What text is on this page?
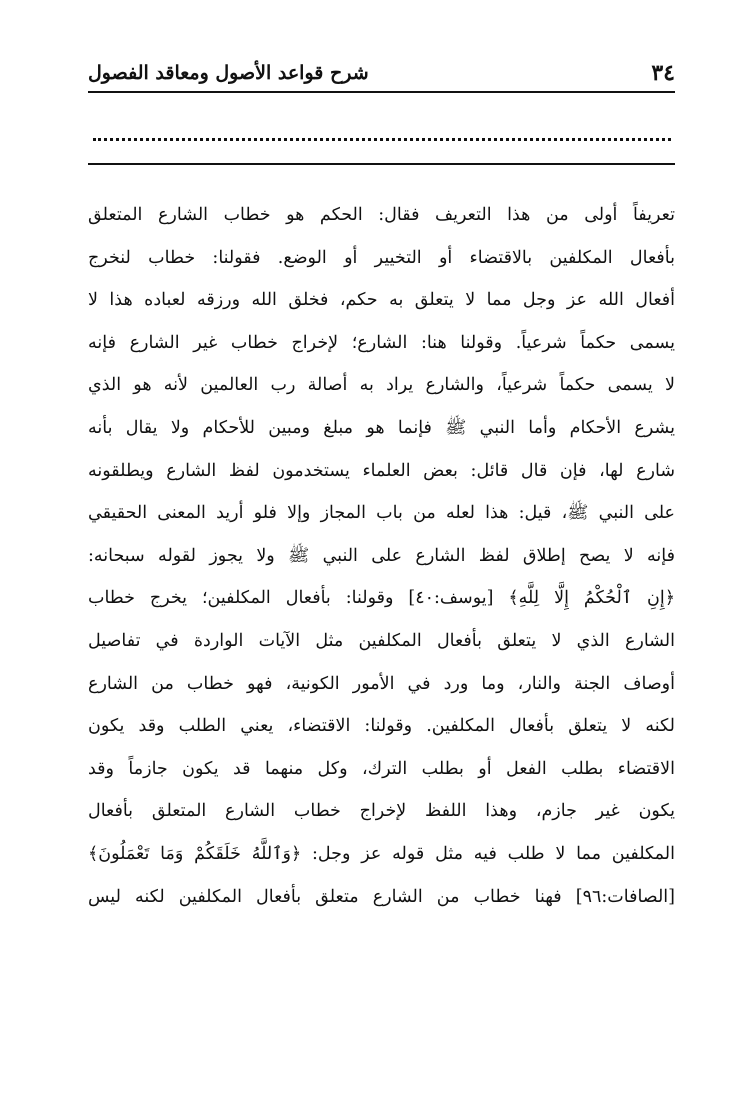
٣٤
شرح قواعد الأصول ومعاقد الفصول
تعريفاً أولى من هذا التعريف فقال: الحكم هو خطاب الشارع المتعلق
بأفعال المكلفين بالاقتضاء أو التخيير أو الوضع. فقولنا: خطاب لنخرج
أفعال الله عز وجل مما لا يتعلق به حكم، فخلق الله ورزقه لعباده هذا لا
يسمى حكماً شرعياً. وقولنا هنا: الشارع؛ لإخراج خطاب غير الشارع فإنه
لا يسمى حكماً شرعياً، والشارع يراد به أصالة رب العالمين لأنه هو الذي
يشرع الأحكام وأما النبي ﷺ فإنما هو مبلغ ومبين للأحكام ولا يقال بأنه
شارع لها، فإن قال قائل: بعض العلماء يستخدمون لفظ الشارع ويطلقونه
على النبي ﷺ، قيل: هذا لعله من باب المجاز وإلا فلو أريد المعنى الحقيقي
فإنه لا يصح إطلاق لفظ الشارع على النبي ﷺ ولا يجوز لقوله سبحانه:
﴿إِنِ ٱلْحُكْمُ إِلَّا لِلَّهِ﴾ [يوسف:٤٠] وقولنا: بأفعال المكلفين؛ يخرج خطاب
الشارع الذي لا يتعلق بأفعال المكلفين مثل الآيات الواردة في تفاصيل
أوصاف الجنة والنار، وما ورد في الأمور الكونية، فهو خطاب من الشارع
لكنه لا يتعلق بأفعال المكلفين. وقولنا: الاقتضاء، يعني الطلب وقد يكون
الاقتضاء بطلب الفعل أو بطلب الترك، وكل منهما قد يكون جازماً وقد
يكون غير جازم، وهذا اللفظ لإخراج خطاب الشارع المتعلق بأفعال
المكلفين مما لا طلب فيه مثل قوله عز وجل: ﴿وَٱللَّهُ خَلَقَكُمْ وَمَا تَعْمَلُونَ﴾
[الصافات:٩٦] فهنا خطاب من الشارع متعلق بأفعال المكلفين لكنه ليس
